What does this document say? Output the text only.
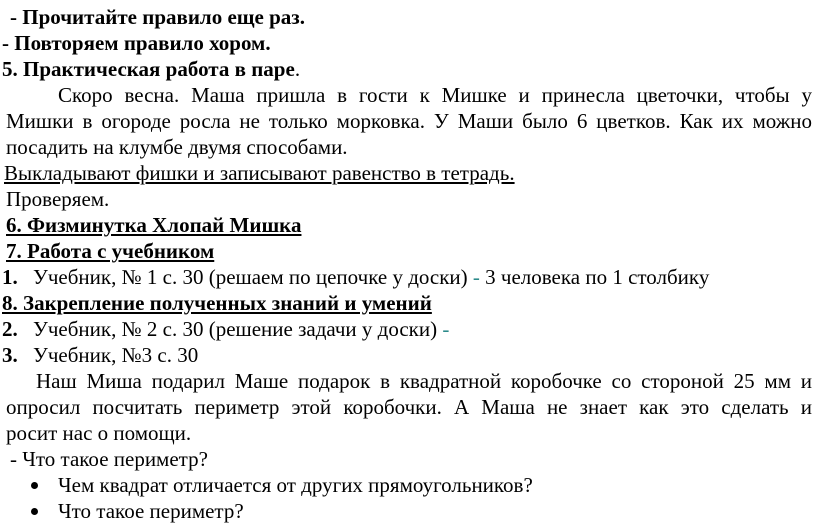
- Прочитайте правило еще раз.
- Повторяем правило хором.
5. Практическая работа в паре.
Скоро весна. Маша пришла в гости к Мишке и принесла цветочки, чтобы у
Мишки в огороде росла не только морковка. У Маши было 6 цветков. Как их можно
посадить на клумбе двумя способами.
Выкладывают фишки и записывают равенство в тетрадь.
Проверяем.
6. Физминутка Хлопай Мишка
7. Работа с учебником
1. Учебник, № 1 с. 30 (решаем по цепочке у доски) - 3 человека по 1 столбику
8. Закрепление полученных знаний и умений
2. Учебник, № 2 с. 30 (решение задачи у доски) -
3. Учебник, №3 с. 30
Наш Миша подарил Маше подарок в квадратной коробочке со стороной 25 мм и
опросил посчитать периметр этой коробочки. А Маша не знает как это сделать и
росит нас о помощи.
- Что такое периметр?
Чем квадрат отличается от других прямоугольников?
Что такое периметр?
